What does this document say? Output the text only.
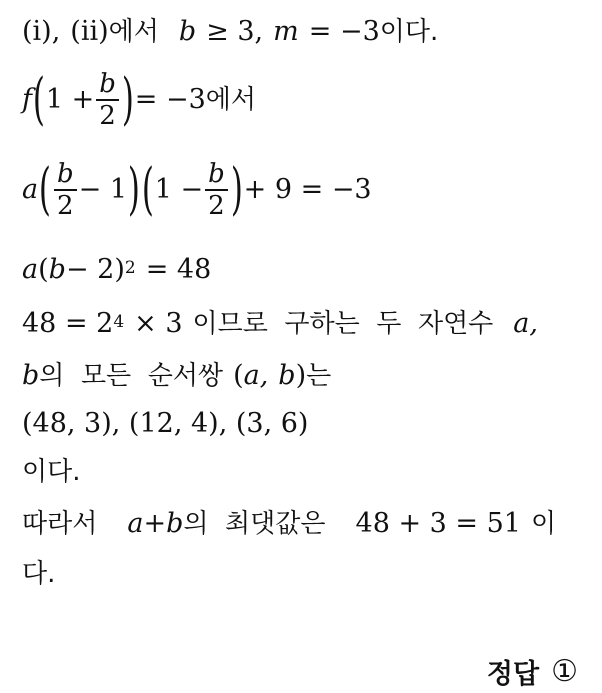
(ⅰ), (ⅱ) 에서 b ≥ 3, m = −3 이다.
f ( $1 + \frac{b}{2}$ ) = −3 에서
a ( $\frac{b}{2} - 1$ ) ( $1 - \frac{b}{2}$ ) + 9 = −3
a ( b − 2)$^2$ = 48
$48 = 2^4 \times 3$ 이므로  구하는  두  자연수 a,
b 의  모든  순서쌍 ( a, b ) 는
(48, 3), (12, 4), (3, 6)
이다.
따라서 a + b 의  최댓값은 48 + 3 = 51 이
다.
정답 ①
